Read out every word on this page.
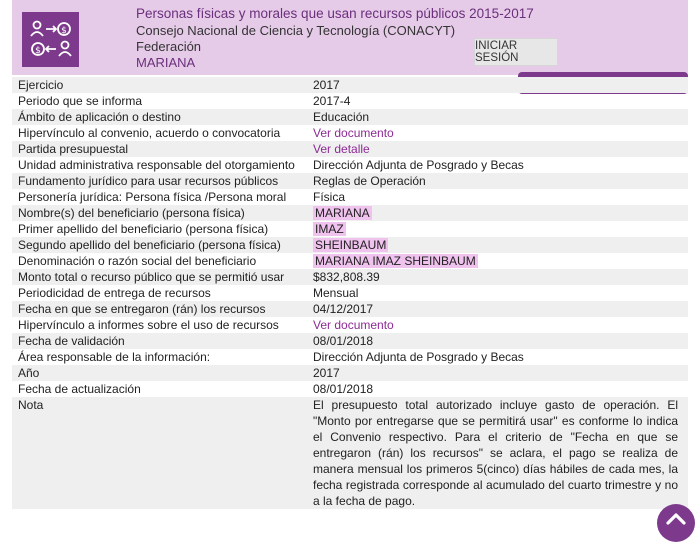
$
$
Personas físicas y morales que usan recursos públicos 2015-2017
Consejo Nacional de Ciencia y Tecnología (CONACYT)
Federación
MARIANA
INICIAR SESIÓN
Ejercicio	2017
Periodo que se informa	2017-4
Ámbito de aplicación o destino	Educación
Hipervínculo al convenio, acuerdo o convocatoria	Ver documento
Partida presupuestal	Ver detalle
Unidad administrativa responsable del otorgamiento	Dirección Adjunta de Posgrado y Becas
Fundamento jurídico para usar recursos públicos	Reglas de Operación
Personería jurídica: Persona física /Persona moral	Física
Nombre(s) del beneficiario (persona física)	MARIANA
Primer apellido del beneficiario (persona física)	IMAZ
Segundo apellido del beneficiario (persona física)	SHEINBAUM
Denominación o razón social del beneficiario	MARIANA IMAZ SHEINBAUM
Monto total o recurso público que se permitió usar	$832,808.39
Periodicidad de entrega de recursos	Mensual
Fecha en que se entregaron (rán) los recursos	04/12/2017
Hipervínculo a informes sobre el uso de recursos	Ver documento
Fecha de validación	08/01/2018
Área responsable de la información:	Dirección Adjunta de Posgrado y Becas
Año	2017
Fecha de actualización	08/01/2018
Nota	El presupuesto total autorizado incluye gasto de operación. El "Monto por entregarse que se permitirá usar" es conforme lo indica el Convenio respectivo. Para el criterio de "Fecha en que se entregaron (rán) los recursos" se aclara, el pago se realiza de manera mensual los primeros 5(cinco) días hábiles de cada mes, la fecha registrada corresponde al acumulado del cuarto trimestre y no a la fecha de pago.
